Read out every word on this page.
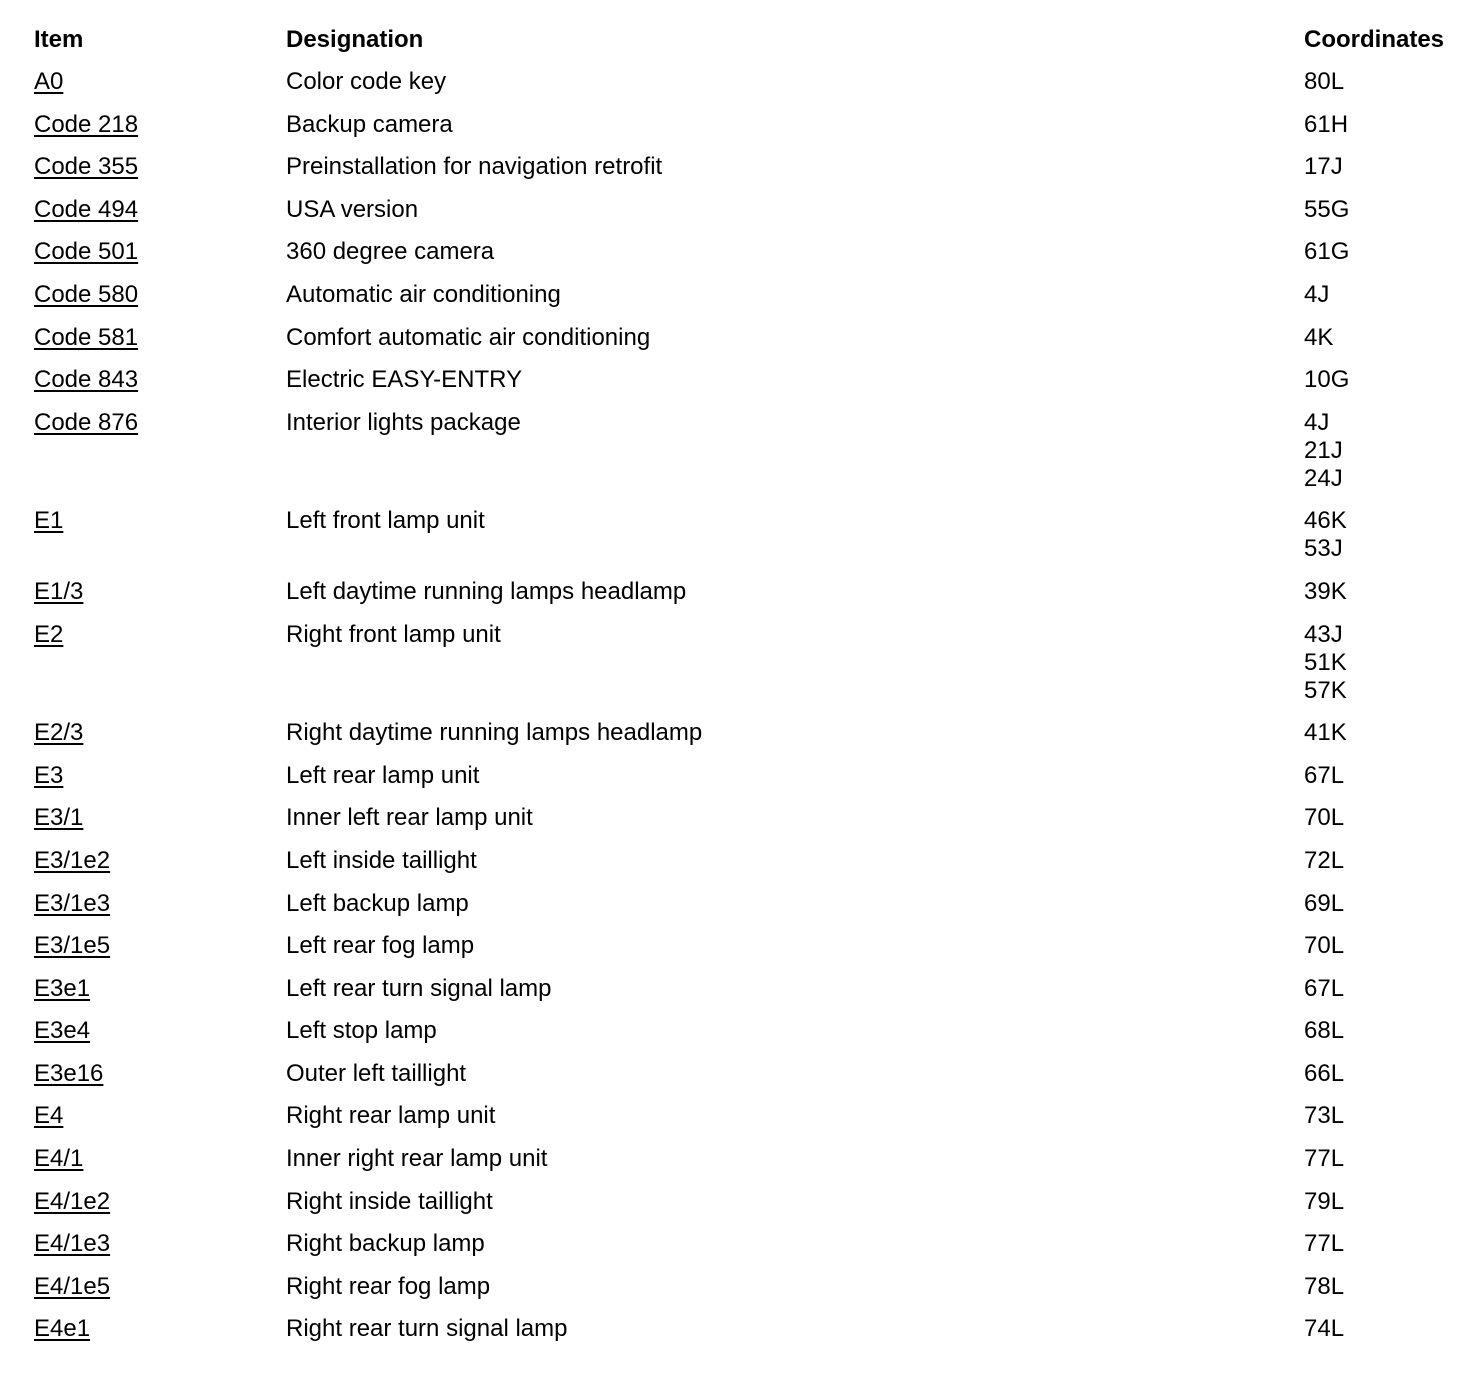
Item	Designation	Coordinates
A0	Color code key	80L
Code 218	Backup camera	61H
Code 355	Preinstallation for navigation retrofit	17J
Code 494	USA version	55G
Code 501	360 degree camera	61G
Code 580	Automatic air conditioning	4J
Code 581	Comfort automatic air conditioning	4K
Code 843	Electric EASY-ENTRY	10G
Code 876	Interior lights package	4J
21J
24J
E1	Left front lamp unit	46K
53J
E1/3	Left daytime running lamps headlamp	39K
E2	Right front lamp unit	43J
51K
57K
E2/3	Right daytime running lamps headlamp	41K
E3	Left rear lamp unit	67L
E3/1	Inner left rear lamp unit	70L
E3/1e2	Left inside taillight	72L
E3/1e3	Left backup lamp	69L
E3/1e5	Left rear fog lamp	70L
E3e1	Left rear turn signal lamp	67L
E3e4	Left stop lamp	68L
E3e16	Outer left taillight	66L
E4	Right rear lamp unit	73L
E4/1	Inner right rear lamp unit	77L
E4/1e2	Right inside taillight	79L
E4/1e3	Right backup lamp	77L
E4/1e5	Right rear fog lamp	78L
E4e1	Right rear turn signal lamp	74L
